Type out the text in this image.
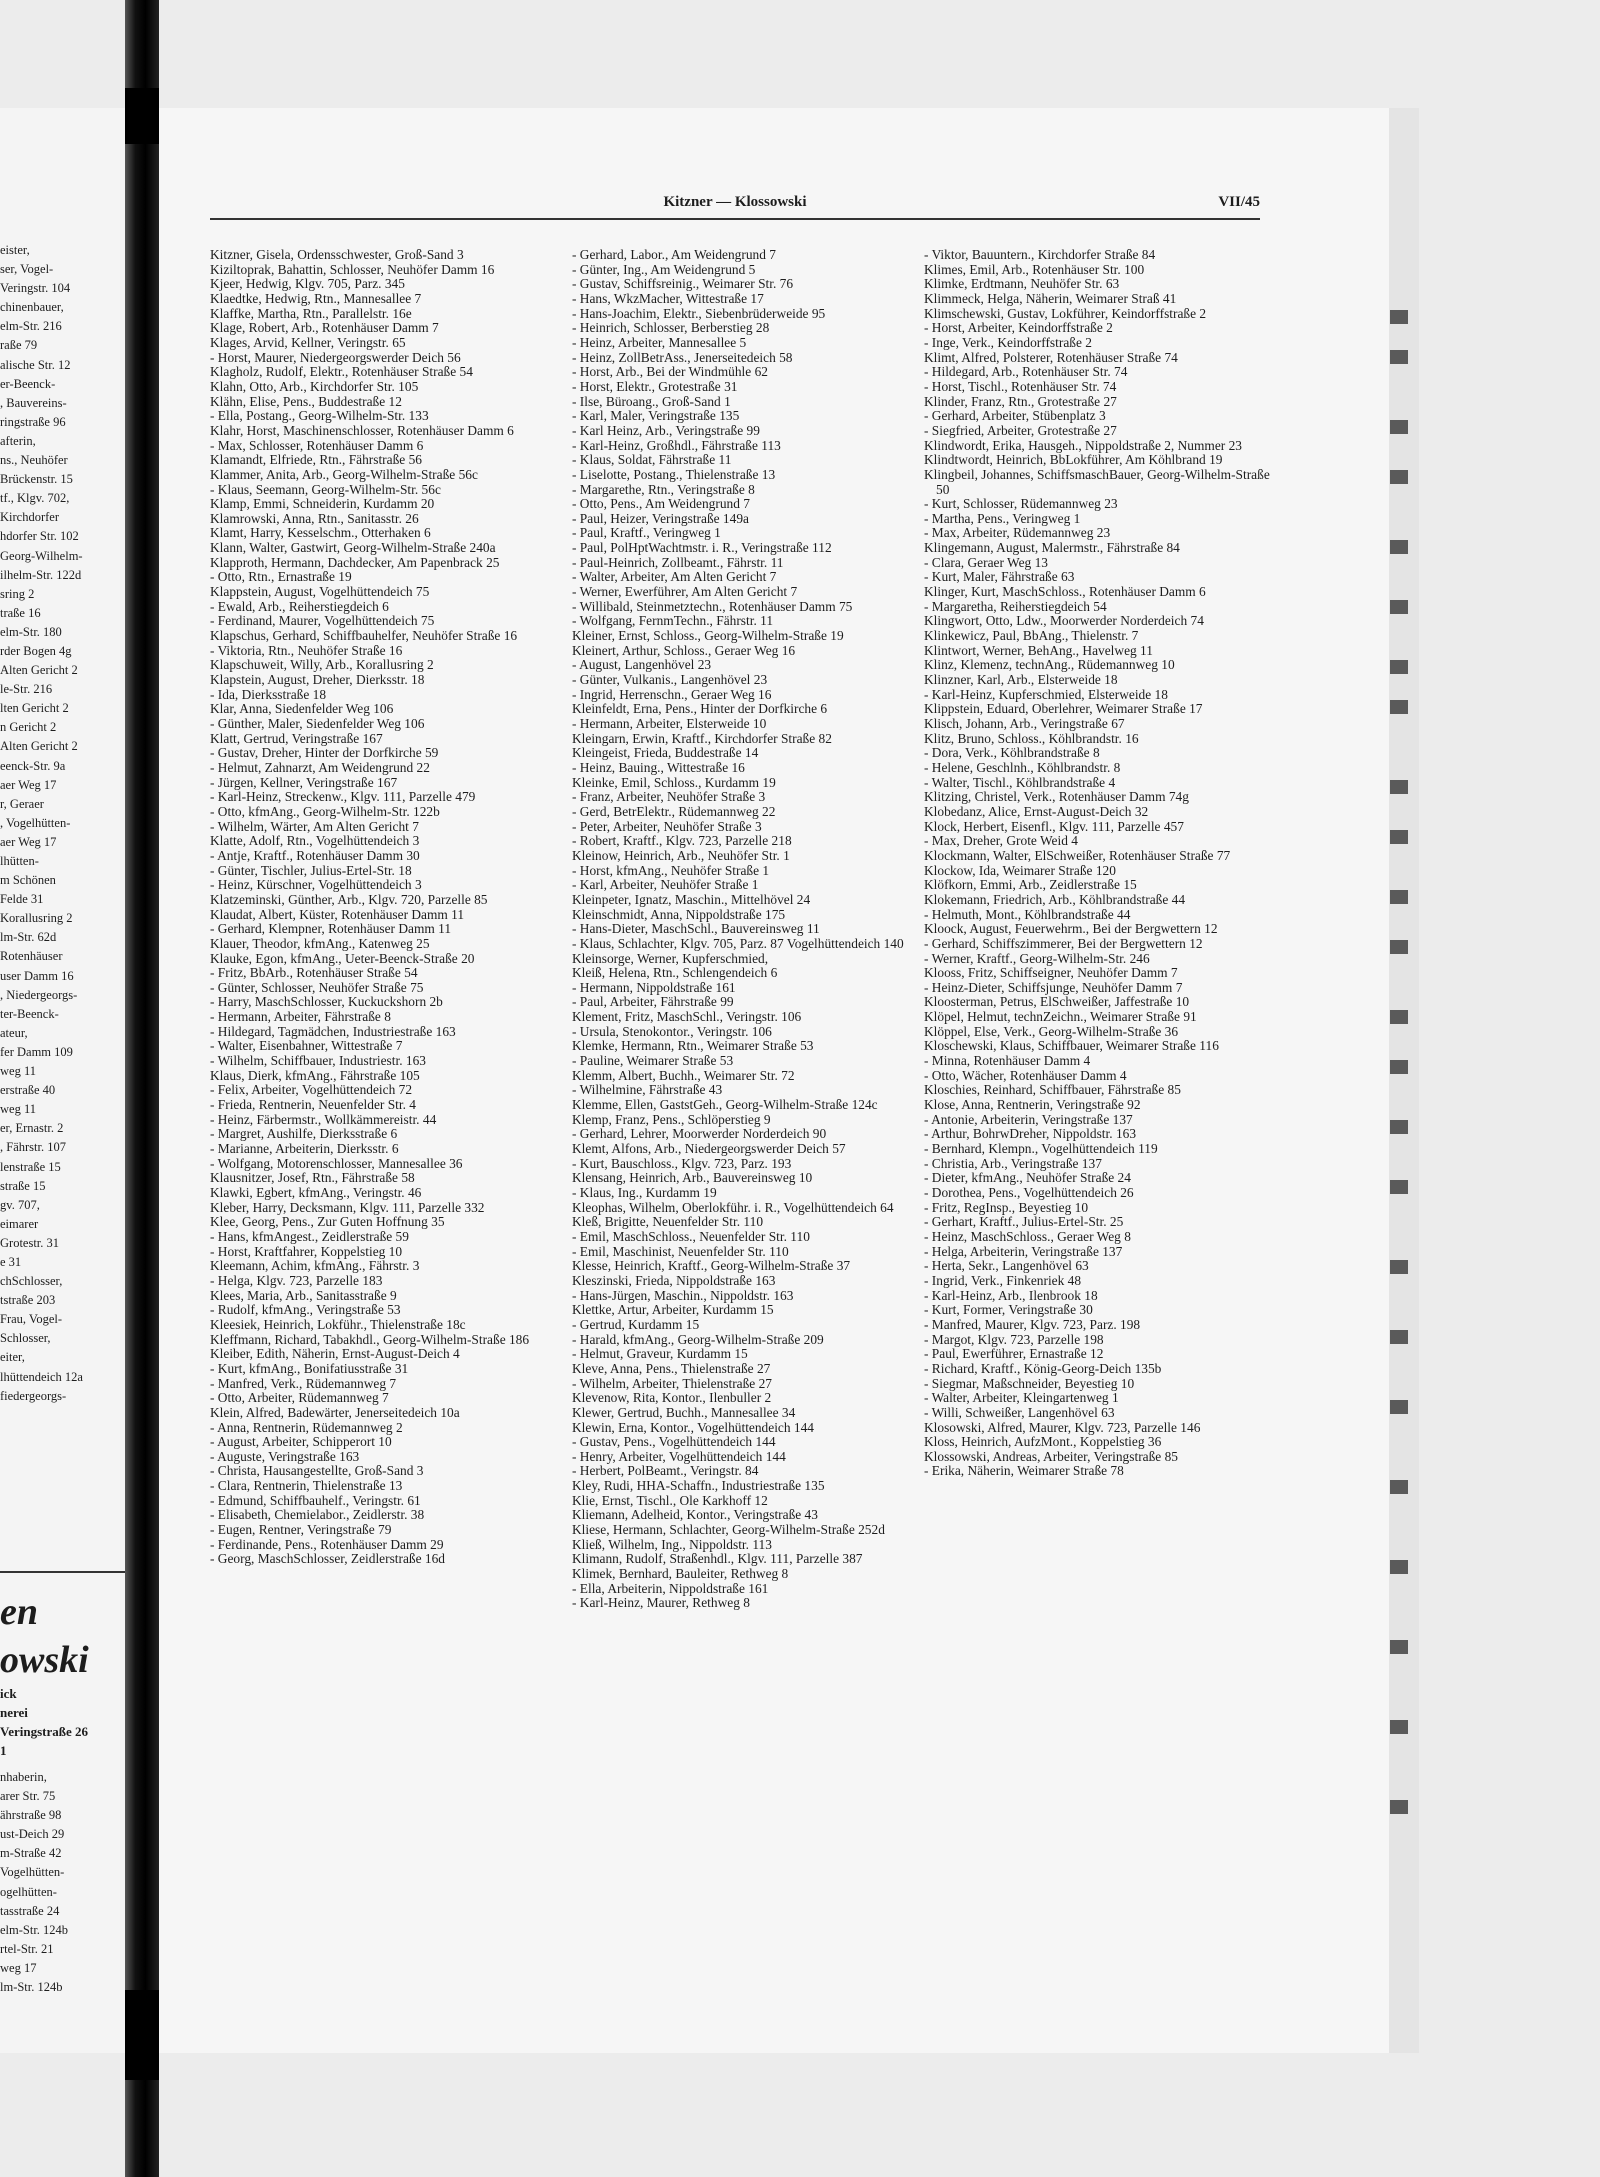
eister,
ser, Vogel-
Veringstr. 104
chinenbauer,
elm-Str. 216
raße 79
alische Str. 12
er-Beenck-
, Bauvereins-
ringstraße 96
afterin,
ns., Neuhöfer
Brückenstr. 15
tf., Klgv. 702,
Kirchdorfer
hdorfer Str. 102
Georg-Wilhelm-
ilhelm-Str. 122d
sring 2
traße 16
elm-Str. 180
rder Bogen 4g
Alten Gericht 2
le-Str. 216
lten Gericht 2
n Gericht 2
Alten Gericht 2
eenck-Str. 9a
aer Weg 17
r, Geraer
, Vogelhütten-
aer Weg 17
lhütten-
m Schönen
Felde 31
Korallusring 2
lm-Str. 62d
Rotenhäuser
user Damm 16
, Niedergeorgs-
ter-Beenck-
ateur,
fer Damm 109
weg 11
erstraße 40
weg 11
er, Ernastr. 2
, Fährstr. 107
lenstraße 15
straße 15
gv. 707,
eimarer
Grotestr. 31
e 31
chSchlosser,
tstraße 203
Frau, Vogel-
Schlosser,
eiter,
lhüttendeich 12a
fiedergeorgs-
en
owski
ick
nerei
Veringstraße 26
1
nhaberin,
arer Str. 75
ährstraße 98
ust-Deich 29
m-Straße 42
Vogelhütten-
ogelhütten-
tasstraße 24
elm-Str. 124b
rtel-Str. 21
weg 17
lm-Str. 124b
Kitzner — Klossowski	VII/45
Kitzner, Gisela, Ordensschwester, Groß-Sand 3
Kiziltoprak, Bahattin, Schlosser, Neuhöfer Damm 16
Kjeer, Hedwig, Klgv. 705, Parz. 345
Klaedtke, Hedwig, Rtn., Mannesallee 7
Klaffke, Martha, Rtn., Parallelstr. 16e
Klage, Robert, Arb., Rotenhäuser Damm 7
Klages, Arvid, Kellner, Veringstr. 65
- Horst, Maurer, Niedergeorgswerder Deich 56
Klagholz, Rudolf, Elektr., Rotenhäuser Straße 54
Klahn, Otto, Arb., Kirchdorfer Str. 105
Klähn, Elise, Pens., Buddestraße 12
- Ella, Postang., Georg-Wilhelm-Str. 133
Klahr, Horst, Maschinenschlosser, Rotenhäuser Damm 6
- Max, Schlosser, Rotenhäuser Damm 6
Klamandt, Elfriede, Rtn., Fährstraße 56
Klammer, Anita, Arb., Georg-Wilhelm-Straße 56c
- Klaus, Seemann, Georg-Wilhelm-Str. 56c
Klamp, Emmi, Schneiderin, Kurdamm 20
Klamrowski, Anna, Rtn., Sanitasstr. 26
Klamt, Harry, Kesselschm., Otterhaken 6
Klann, Walter, Gastwirt, Georg-Wilhelm-Straße 240a
Klapproth, Hermann, Dachdecker, Am Papenbrack 25
- Otto, Rtn., Ernastraße 19
Klappstein, August, Vogelhüttendeich 75
- Ewald, Arb., Reiherstiegdeich 6
- Ferdinand, Maurer, Vogelhüttendeich 75
Klapschus, Gerhard, Schiffbauhelfer, Neuhöfer Straße 16
- Viktoria, Rtn., Neuhöfer Straße 16
Klapschuweit, Willy, Arb., Korallusring 2
Klapstein, August, Dreher, Dierksstr. 18
- Ida, Dierksstraße 18
Klar, Anna, Siedenfelder Weg 106
- Günther, Maler, Siedenfelder Weg 106
Klatt, Gertrud, Veringstraße 167
- Gustav, Dreher, Hinter der Dorfkirche 59
- Helmut, Zahnarzt, Am Weidengrund 22
- Jürgen, Kellner, Veringstraße 167
- Karl-Heinz, Streckenw., Klgv. 111, Parzelle 479
- Otto, kfmAng., Georg-Wilhelm-Str. 122b
- Wilhelm, Wärter, Am Alten Gericht 7
Klatte, Adolf, Rtn., Vogelhüttendeich 3
- Antje, Kraftf., Rotenhäuser Damm 30
- Günter, Tischler, Julius-Ertel-Str. 18
- Heinz, Kürschner, Vogelhüttendeich 3
Klatzeminski, Günther, Arb., Klgv. 720, Parzelle 85
Klaudat, Albert, Küster, Rotenhäuser Damm 11
- Gerhard, Klempner, Rotenhäuser Damm 11
Klauer, Theodor, kfmAng., Katenweg 25
Klauke, Egon, kfmAng., Ueter-Beenck-Straße 20
- Fritz, BbArb., Rotenhäuser Straße 54
- Günter, Schlosser, Neuhöfer Straße 75
- Harry, MaschSchlosser, Kuckuckshorn 2b
- Hermann, Arbeiter, Fährstraße 8
- Hildegard, Tagmädchen, Industriestraße 163
- Walter, Eisenbahner, Wittestraße 7
- Wilhelm, Schiffbauer, Industriestr. 163
Klaus, Dierk, kfmAng., Fährstraße 105
- Felix, Arbeiter, Vogelhüttendeich 72
- Frieda, Rentnerin, Neuenfelder Str. 4
- Heinz, Färbermstr., Wollkämmereistr. 44
- Margret, Aushilfe, Dierksstraße 6
- Marianne, Arbeiterin, Dierksstr. 6
- Wolfgang, Motorenschlosser, Mannesallee 36
Klausnitzer, Josef, Rtn., Fährstraße 58
Klawki, Egbert, kfmAng., Veringstr. 46
Kleber, Harry, Decksmann, Klgv. 111, Parzelle 332
Klee, Georg, Pens., Zur Guten Hoffnung 35
- Hans, kfmAngest., Zeidlerstraße 59
- Horst, Kraftfahrer, Koppelstieg 10
Kleemann, Achim, kfmAng., Fährstr. 3
- Helga, Klgv. 723, Parzelle 183
Klees, Maria, Arb., Sanitasstraße 9
- Rudolf, kfmAng., Veringstraße 53
Kleesiek, Heinrich, Lokführ., Thielenstraße 18c
Kleffmann, Richard, Tabakhdl., Georg-Wilhelm-Straße 186
Kleiber, Edith, Näherin, Ernst-August-Deich 4
- Kurt, kfmAng., Bonifatiusstraße 31
- Manfred, Verk., Rüdemannweg 7
- Otto, Arbeiter, Rüdemannweg 7
Klein, Alfred, Badewärter, Jenerseitedeich 10a
- Anna, Rentnerin, Rüdemannweg 2
- August, Arbeiter, Schipperort 10
- Auguste, Veringstraße 163
- Christa, Hausangestellte, Groß-Sand 3
- Clara, Rentnerin, Thielenstraße 13
- Edmund, Schiffbauhelf., Veringstr. 61
- Elisabeth, Chemielabor., Zeidlerstr. 38
- Eugen, Rentner, Veringstraße 79
- Ferdinande, Pens., Rotenhäuser Damm 29
- Georg, MaschSchlosser, Zeidlerstraße 16d
- Gerhard, Labor., Am Weidengrund 7
- Günter, Ing., Am Weidengrund 5
- Gustav, Schiffsreinig., Weimarer Str. 76
- Hans, WkzMacher, Wittestraße 17
- Hans-Joachim, Elektr., Siebenbrüderweide 95
- Heinrich, Schlosser, Berberstieg 28
- Heinz, Arbeiter, Mannesallee 5
- Heinz, ZollBetrAss., Jenerseitedeich 58
- Horst, Arb., Bei der Windmühle 62
- Horst, Elektr., Grotestraße 31
- Ilse, Büroang., Groß-Sand 1
- Karl, Maler, Veringstraße 135
- Karl Heinz, Arb., Veringstraße 99
- Karl-Heinz, Großhdl., Fährstraße 113
- Klaus, Soldat, Fährstraße 11
- Liselotte, Postang., Thielenstraße 13
- Margarethe, Rtn., Veringstraße 8
- Otto, Pens., Am Weidengrund 7
- Paul, Heizer, Veringstraße 149a
- Paul, Kraftf., Veringweg 1
- Paul, PolHptWachtmstr. i. R., Veringstraße 112
- Paul-Heinrich, Zollbeamt., Fährstr. 11
- Walter, Arbeiter, Am Alten Gericht 7
- Werner, Ewerführer, Am Alten Gericht 7
- Willibald, Steinmetztechn., Rotenhäuser Damm 75
- Wolfgang, FernmTechn., Fährstr. 11
Kleiner, Ernst, Schloss., Georg-Wilhelm-Straße 19
Kleinert, Arthur, Schloss., Geraer Weg 16
- August, Langenhövel 23
- Günter, Vulkanis., Langenhövel 23
- Ingrid, Herrenschn., Geraer Weg 16
Kleinfeldt, Erna, Pens., Hinter der Dorfkirche 6
- Hermann, Arbeiter, Elsterweide 10
Kleingarn, Erwin, Kraftf., Kirchdorfer Straße 82
Kleingeist, Frieda, Buddestraße 14
- Heinz, Bauing., Wittestraße 16
Kleinke, Emil, Schloss., Kurdamm 19
- Franz, Arbeiter, Neuhöfer Straße 3
- Gerd, BetrElektr., Rüdemannweg 22
- Peter, Arbeiter, Neuhöfer Straße 3
- Robert, Kraftf., Klgv. 723, Parzelle 218
Kleinow, Heinrich, Arb., Neuhöfer Str. 1
- Horst, kfmAng., Neuhöfer Straße 1
- Karl, Arbeiter, Neuhöfer Straße 1
Kleinpeter, Ignatz, Maschin., Mittelhövel 24
Kleinschmidt, Anna, Nippoldstraße 175
- Hans-Dieter, MaschSchl., Bauvereinsweg 11
- Klaus, Schlachter, Klgv. 705, Parz. 87 Vogelhüttendeich 140
Kleinsorge, Werner, Kupferschmied,
Kleiß, Helena, Rtn., Schlengendeich 6
- Hermann, Nippoldstraße 161
- Paul, Arbeiter, Fährstraße 99
Klement, Fritz, MaschSchl., Veringstr. 106
- Ursula, Stenokontor., Veringstr. 106
Klemke, Hermann, Rtn., Weimarer Straße 53
- Pauline, Weimarer Straße 53
Klemm, Albert, Buchh., Weimarer Str. 72
- Wilhelmine, Fährstraße 43
Klemme, Ellen, GaststGeh., Georg-Wilhelm-Straße 124c
Klemp, Franz, Pens., Schlöperstieg 9
- Gerhard, Lehrer, Moorwerder Norderdeich 90
Klemt, Alfons, Arb., Niedergeorgswerder Deich 57
- Kurt, Bauschloss., Klgv. 723, Parz. 193
Klensang, Heinrich, Arb., Bauvereinsweg 10
- Klaus, Ing., Kurdamm 19
Kleophas, Wilhelm, Oberlokführ. i. R., Vogelhüttendeich 64
Kleß, Brigitte, Neuenfelder Str. 110
- Emil, MaschSchloss., Neuenfelder Str. 110
- Emil, Maschinist, Neuenfelder Str. 110
Klesse, Heinrich, Kraftf., Georg-Wilhelm-Straße 37
Kleszinski, Frieda, Nippoldstraße 163
- Hans-Jürgen, Maschin., Nippoldstr. 163
Klettke, Artur, Arbeiter, Kurdamm 15
- Gertrud, Kurdamm 15
- Harald, kfmAng., Georg-Wilhelm-Straße 209
- Helmut, Graveur, Kurdamm 15
Kleve, Anna, Pens., Thielenstraße 27
- Wilhelm, Arbeiter, Thielenstraße 27
Klevenow, Rita, Kontor., Ilenbuller 2
Klewer, Gertrud, Buchh., Mannesallee 34
Klewin, Erna, Kontor., Vogelhüttendeich 144
- Gustav, Pens., Vogelhüttendeich 144
- Henry, Arbeiter, Vogelhüttendeich 144
- Herbert, PolBeamt., Veringstr. 84
Kley, Rudi, HHA-Schaffn., Industriestraße 135
Klie, Ernst, Tischl., Ole Karkhoff 12
Kliemann, Adelheid, Kontor., Veringstraße 43
Kliese, Hermann, Schlachter, Georg-Wilhelm-Straße 252d
Kließ, Wilhelm, Ing., Nippoldstr. 113
Klimann, Rudolf, Straßenhdl., Klgv. 111, Parzelle 387
Klimek, Bernhard, Bauleiter, Rethweg 8
- Ella, Arbeiterin, Nippoldstraße 161
- Karl-Heinz, Maurer, Rethweg 8
- Viktor, Bauuntern., Kirchdorfer Straße 84
Klimes, Emil, Arb., Rotenhäuser Str. 100
Klimke, Erdtmann, Neuhöfer Str. 63
Klimmeck, Helga, Näherin, Weimarer Straß 41
Klimschewski, Gustav, Lokführer, Keindorffstraße 2
- Horst, Arbeiter, Keindorffstraße 2
- Inge, Verk., Keindorffstraße 2
Klimt, Alfred, Polsterer, Rotenhäuser Straße 74
- Hildegard, Arb., Rotenhäuser Str. 74
- Horst, Tischl., Rotenhäuser Str. 74
Klinder, Franz, Rtn., Grotestraße 27
- Gerhard, Arbeiter, Stübenplatz 3
- Siegfried, Arbeiter, Grotestraße 27
Klindwordt, Erika, Hausgeh., Nippoldstraße 2, Nummer 23
Klindtwordt, Heinrich, BbLokführer, Am Köhlbrand 19
Klingbeil, Johannes, SchiffsmaschBauer, Georg-Wilhelm-Straße 50
- Kurt, Schlosser, Rüdemannweg 23
- Martha, Pens., Veringweg 1
- Max, Arbeiter, Rüdemannweg 23
Klingemann, August, Malermstr., Fährstraße 84
- Clara, Geraer Weg 13
- Kurt, Maler, Fährstraße 63
Klinger, Kurt, MaschSchloss., Rotenhäuser Damm 6
- Margaretha, Reiherstiegdeich 54
Klingwort, Otto, Ldw., Moorwerder Norderdeich 74
Klinkewicz, Paul, BbAng., Thielenstr. 7
Klintwort, Werner, BehAng., Havelweg 11
Klinz, Klemenz, technAng., Rüdemannweg 10
Klinzner, Karl, Arb., Elsterweide 18
- Karl-Heinz, Kupferschmied, Elsterweide 18
Klippstein, Eduard, Oberlehrer, Weimarer Straße 17
Klisch, Johann, Arb., Veringstraße 67
Klitz, Bruno, Schloss., Köhlbrandstr. 16
- Dora, Verk., Köhlbrandstraße 8
- Helene, Geschlnh., Köhlbrandstr. 8
- Walter, Tischl., Köhlbrandstraße 4
Klitzing, Christel, Verk., Rotenhäuser Damm 74g
Klobedanz, Alice, Ernst-August-Deich 32
Klock, Herbert, Eisenfl., Klgv. 111, Parzelle 457
- Max, Dreher, Grote Weid 4
Klockmann, Walter, ElSchweißer, Rotenhäuser Straße 77
Klockow, Ida, Weimarer Straße 120
Klöfkorn, Emmi, Arb., Zeidlerstraße 15
Klokemann, Friedrich, Arb., Köhlbrandstraße 44
- Helmuth, Mont., Köhlbrandstraße 44
Kloock, August, Feuerwehrm., Bei der Bergwettern 12
- Gerhard, Schiffszimmerer, Bei der Bergwettern 12
- Werner, Kraftf., Georg-Wilhelm-Str. 246
Klooss, Fritz, Schiffseigner, Neuhöfer Damm 7
- Heinz-Dieter, Schiffsjunge, Neuhöfer Damm 7
Kloosterman, Petrus, ElSchweißer, Jaffestraße 10
Klöpel, Helmut, technZeichn., Weimarer Straße 91
Klöppel, Else, Verk., Georg-Wilhelm-Straße 36
Kloschewski, Klaus, Schiffbauer, Weimarer Straße 116
- Minna, Rotenhäuser Damm 4
- Otto, Wächer, Rotenhäuser Damm 4
Kloschies, Reinhard, Schiffbauer, Fährstraße 85
Klose, Anna, Rentnerin, Veringstraße 92
- Antonie, Arbeiterin, Veringstraße 137
- Arthur, BohrwDreher, Nippoldstr. 163
- Bernhard, Klempn., Vogelhüttendeich 119
- Christia, Arb., Veringstraße 137
- Dieter, kfmAng., Neuhöfer Straße 24
- Dorothea, Pens., Vogelhüttendeich 26
- Fritz, RegInsp., Beyestieg 10
- Gerhart, Kraftf., Julius-Ertel-Str. 25
- Heinz, MaschSchloss., Geraer Weg 8
- Helga, Arbeiterin, Veringstraße 137
- Herta, Sekr., Langenhövel 63
- Ingrid, Verk., Finkenriek 48
- Karl-Heinz, Arb., Ilenbrook 18
- Kurt, Former, Veringstraße 30
- Manfred, Maurer, Klgv. 723, Parz. 198
- Margot, Klgv. 723, Parzelle 198
- Paul, Ewerführer, Ernastraße 12
- Richard, Kraftf., König-Georg-Deich 135b
- Siegmar, Maßschneider, Beyestieg 10
- Walter, Arbeiter, Kleingartenweg 1
- Willi, Schweißer, Langenhövel 63
Klosowski, Alfred, Maurer, Klgv. 723, Parzelle 146
Kloss, Heinrich, AufzMont., Koppelstieg 36
Klossowski, Andreas, Arbeiter, Veringstraße 85
- Erika, Näherin, Weimarer Straße 78
